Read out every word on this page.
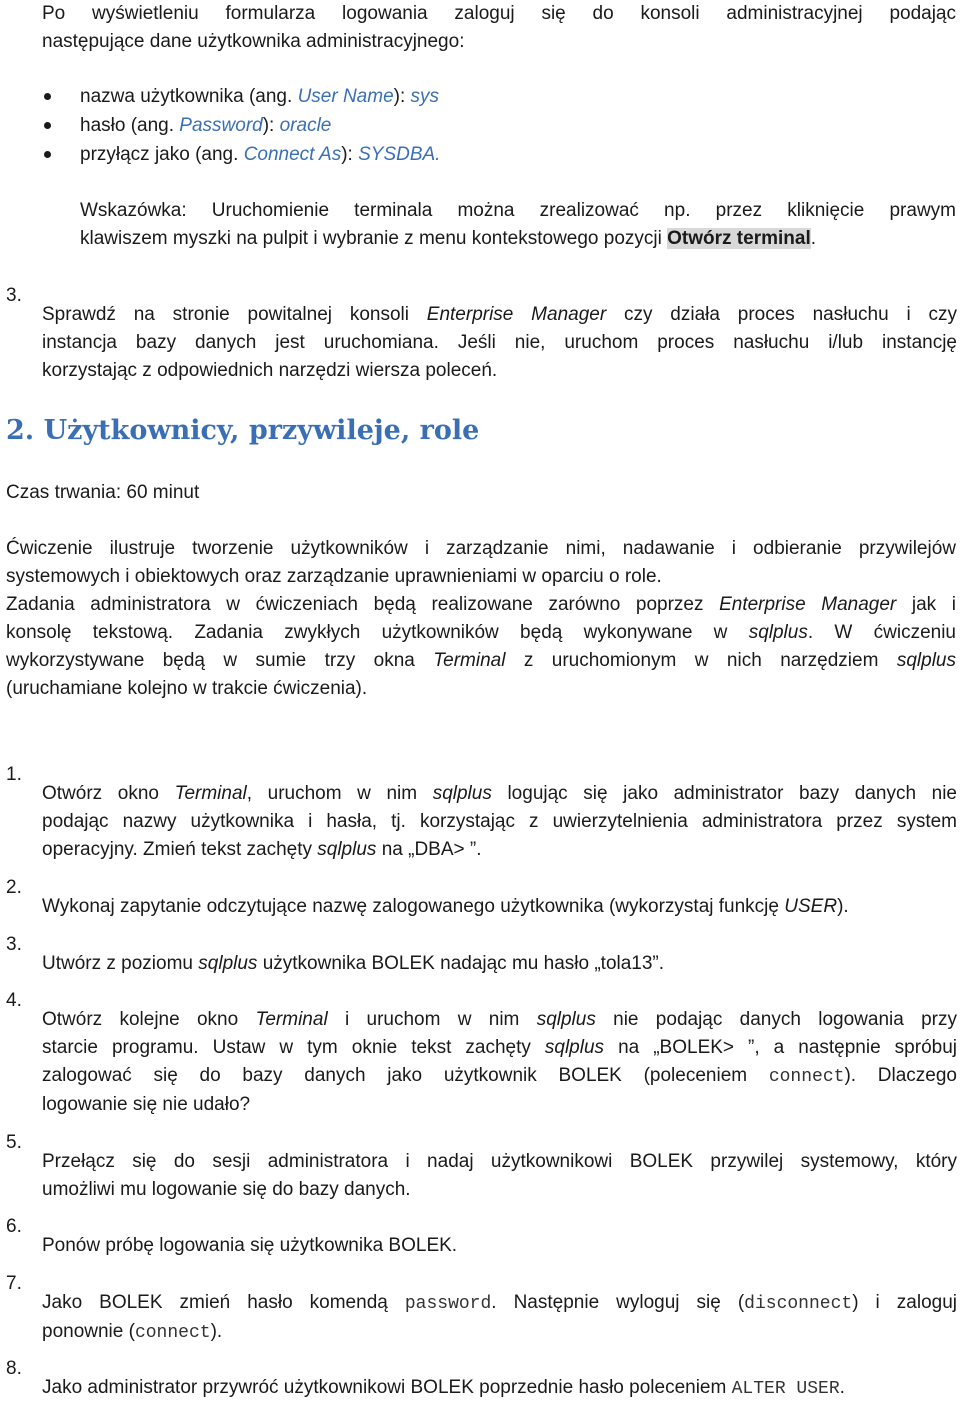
Po wyświetleniu formularza logowania zaloguj się do konsoli administracyjnej podając
następujące dane użytkownika administracyjnego:

nazwa użytkownika (ang. User Name): sys
hasło (ang. Password): oracle
przyłącz jako (ang. Connect As): SYSDBA.

Wskazówka: Uruchomienie terminala można zrealizować np. przez kliknięcie prawym
klawiszem myszki na pulpit i wybranie z menu kontekstowego pozycji Otwórz terminal.

3.

Sprawdź na stronie powitalnej konsoli Enterprise Manager czy działa proces nasłuchu i czy
instancja bazy danych jest uruchomiana. Jeśli nie, uruchom proces nasłuchu i/lub instancję
korzystając z odpowiednich narzędzi wiersza poleceń.

2. Użytkownicy, przywileje, role

Czas trwania: 60 minut

Ćwiczenie ilustruje tworzenie użytkowników i zarządzanie nimi, nadawanie i odbieranie przywilejów
systemowych i obiektowych oraz zarządzanie uprawnieniami w oparciu o role.
Zadania administratora w ćwiczeniach będą realizowane zarówno poprzez Enterprise Manager jak i
konsolę tekstową. Zadania zwykłych użytkowników będą wykonywane w sqlplus. W ćwiczeniu
wykorzystywane będą w sumie trzy okna Terminal z uruchomionym w nich narzędziem sqlplus
(uruchamiane kolejno w trakcie ćwiczenia).

1.

Otwórz okno Terminal, uruchom w nim sqlplus logując się jako administrator bazy danych nie
podając nazwy użytkownika i hasła, tj. korzystając z uwierzytelnienia administratora przez system
operacyjny. Zmień tekst zachęty sqlplus na „DBA> ”.

2.

Wykonaj zapytanie odczytujące nazwę zalogowanego użytkownika (wykorzystaj funkcję USER).

3.

Utwórz z poziomu sqlplus użytkownika BOLEK nadając mu hasło „tola13”.

4.

Otwórz kolejne okno Terminal i uruchom w nim sqlplus nie podając danych logowania przy
starcie programu. Ustaw w tym oknie tekst zachęty sqlplus na „BOLEK> ”, a następnie spróbuj
zalogować się do bazy danych jako użytkownik BOLEK (poleceniem connect). Dlaczego
logowanie się nie udało?

5.

Przełącz się do sesji administratora i nadaj użytkownikowi BOLEK przywilej systemowy, który
umożliwi mu logowanie się do bazy danych.

6.

Ponów próbę logowania się użytkownika BOLEK.

7.

Jako BOLEK zmień hasło komendą password. Następnie wyloguj się (disconnect) i zaloguj
ponownie (connect).

8.

Jako administrator przywróć użytkownikowi BOLEK poprzednie hasło poleceniem ALTER USER.
